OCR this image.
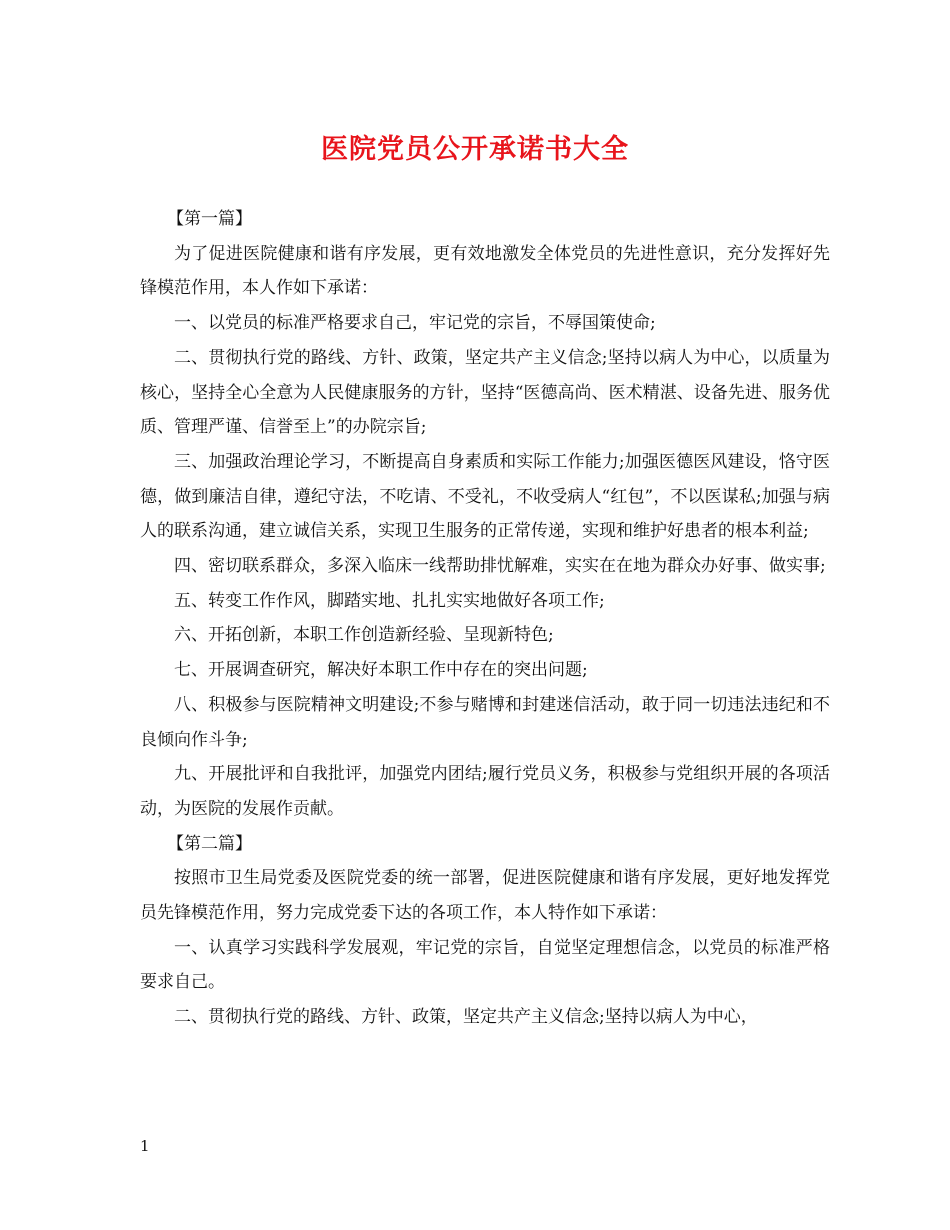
医院党员公开承诺书大全

【第一篇】

为了促进医院健康和谐有序发展，更有效地激发全体党员的先进性意识，充分发挥好先锋模范作用，本人作如下承诺：

一、以党员的标准严格要求自己，牢记党的宗旨，不辱国策使命;

二、贯彻执行党的路线、方针、政策，坚定共产主义信念;坚持以病人为中心，以质量为核心，坚持全心全意为人民健康服务的方针，坚持“医德高尚、医术精湛、设备先进、服务优质、管理严谨、信誉至上”的办院宗旨;

三、加强政治理论学习，不断提高自身素质和实际工作能力;加强医德医风建设，恪守医德，做到廉洁自律，遵纪守法，不吃请、不受礼，不收受病人“红包”，不以医谋私;加强与病人的联系沟通，建立诚信关系，实现卫生服务的正常传递，实现和维护好患者的根本利益;

四、密切联系群众，多深入临床一线帮助排忧解难，实实在在地为群众办好事、做实事;

五、转变工作作风，脚踏实地、扎扎实实地做好各项工作;

六、开拓创新，本职工作创造新经验、呈现新特色;

七、开展调查研究，解决好本职工作中存在的突出问题;

八、积极参与医院精神文明建设;不参与赌博和封建迷信活动，敢于同一切违法违纪和不良倾向作斗争;

九、开展批评和自我批评，加强党内团结;履行党员义务，积极参与党组织开展的各项活动，为医院的发展作贡献。

【第二篇】

按照市卫生局党委及医院党委的统一部署，促进医院健康和谐有序发展，更好地发挥党员先锋模范作用，努力完成党委下达的各项工作，本人特作如下承诺：

一、认真学习实践科学发展观，牢记党的宗旨，自觉坚定理想信念，以党员的标准严格要求自己。

二、贯彻执行党的路线、方针、政策，坚定共产主义信念;坚持以病人为中心，

1
